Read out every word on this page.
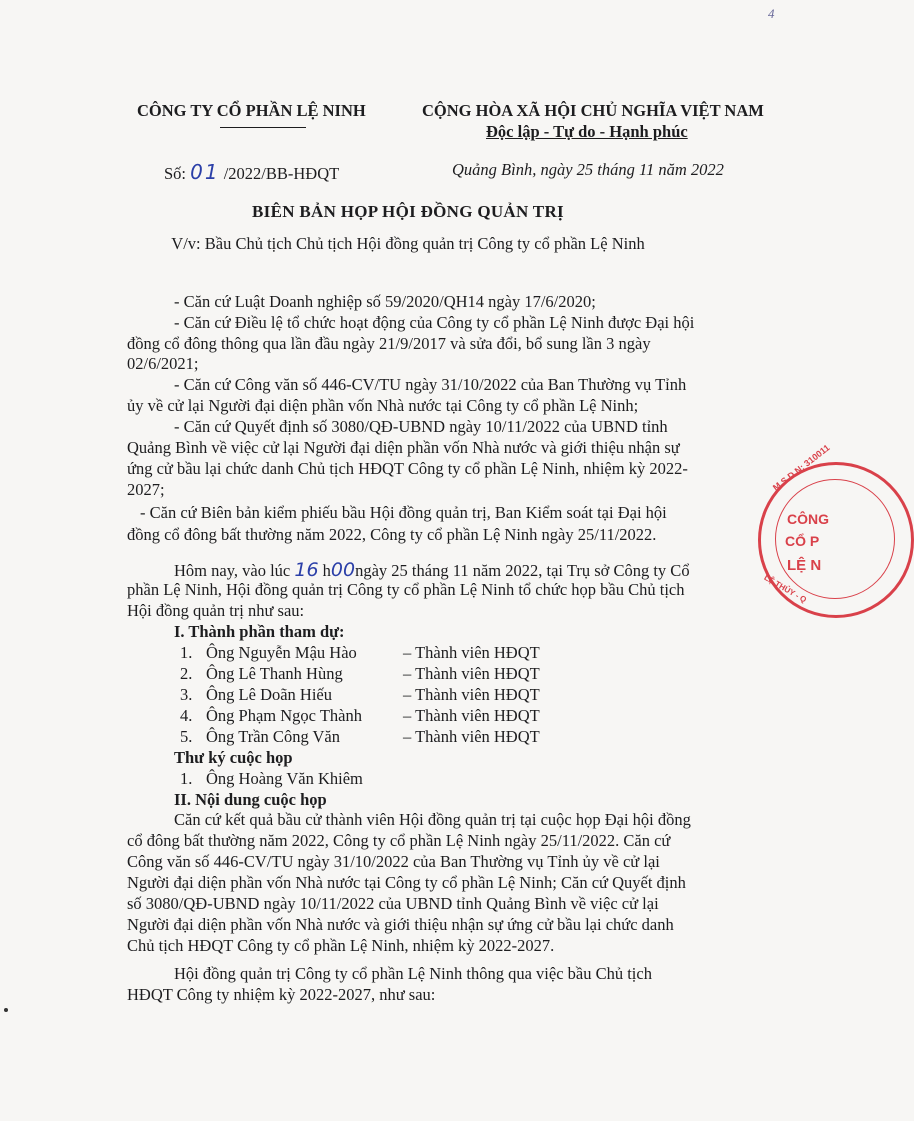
4
CÔNG TY CỔ PHẦN LỆ NINH	CỘNG HÒA XÃ HỘI CHỦ NGHĨA VIỆT NAM
Độc lập - Tự do - Hạnh phúc
Số: 01 /2022/BB-HĐQT	Quảng Bình, ngày 25 tháng 11 năm 2022
BIÊN BẢN HỌP HỘI ĐỒNG QUẢN TRỊ
V/v: Bầu Chủ tịch Chủ tịch Hội đồng quản trị Công ty cổ phần Lệ Ninh
- Căn cứ Luật Doanh nghiệp số 59/2020/QH14 ngày 17/6/2020;
- Căn cứ Điều lệ tổ chức hoạt động của Công ty cổ phần Lệ Ninh được Đại hội
đồng cổ đông thông qua lần đầu ngày 21/9/2017 và sửa đổi, bổ sung lần 3 ngày
02/6/2021;
- Căn cứ Công văn số 446-CV/TU ngày 31/10/2022 của Ban Thường vụ Tỉnh
ủy về cử lại Người đại diện phần vốn Nhà nước tại Công ty cổ phần Lệ Ninh;
- Căn cứ Quyết định số 3080/QĐ-UBND ngày 10/11/2022 của UBND tỉnh
Quảng Bình về việc cử lại Người đại diện phần vốn Nhà nước và giới thiệu nhận sự
ứng cử bầu lại chức danh Chủ tịch HĐQT Công ty cổ phần Lệ Ninh, nhiệm kỳ 2022-
2027;
- Căn cứ Biên bản kiểm phiếu bầu Hội đồng quản trị, Ban Kiểm soát tại Đại hội
đồng cổ đông bất thường năm 2022, Công ty cổ phần Lệ Ninh ngày 25/11/2022.
Hôm nay, vào lúc 16 h00ngày 25 tháng 11 năm 2022, tại Trụ sở Công ty Cổ
phần Lệ Ninh, Hội đồng quản trị Công ty cổ phần Lệ Ninh tổ chức họp bầu Chủ tịch
Hội đồng quản trị như sau:
I. Thành phần tham dự:
1. Ông Nguyễn Mậu Hào	– Thành viên HĐQT
2. Ông Lê Thanh Hùng	– Thành viên HĐQT
3. Ông Lê Doãn Hiếu	– Thành viên HĐQT
4. Ông Phạm Ngọc Thành – Thành viên HĐQT
5. Ông Trần Công Văn	– Thành viên HĐQT
Thư ký cuộc họp
1. Ông Hoàng Văn Khiêm
II. Nội dung cuộc họp
Căn cứ kết quả bầu cử thành viên Hội đồng quản trị tại cuộc họp Đại hội đồng
cổ đông bất thường năm 2022, Công ty cổ phần Lệ Ninh ngày 25/11/2022. Căn cứ
Công văn số 446-CV/TU ngày 31/10/2022 của Ban Thường vụ Tỉnh ủy về cử lại
Người đại diện phần vốn Nhà nước tại Công ty cổ phần Lệ Ninh; Căn cứ Quyết định
số 3080/QĐ-UBND ngày 10/11/2022 của UBND tỉnh Quảng Bình về việc cử lại
Người đại diện phần vốn Nhà nước và giới thiệu nhận sự ứng cử bầu lại chức danh
Chủ tịch HĐQT Công ty cổ phần Lệ Ninh, nhiệm kỳ 2022-2027.
Hội đồng quản trị Công ty cổ phần Lệ Ninh thông qua việc bầu Chủ tịch
HĐQT Công ty nhiệm kỳ 2022-2027, như sau:
M.S.D.N: 310011
CÔNG
CỔ P
LỆ N
LỆ THỦY - Q
